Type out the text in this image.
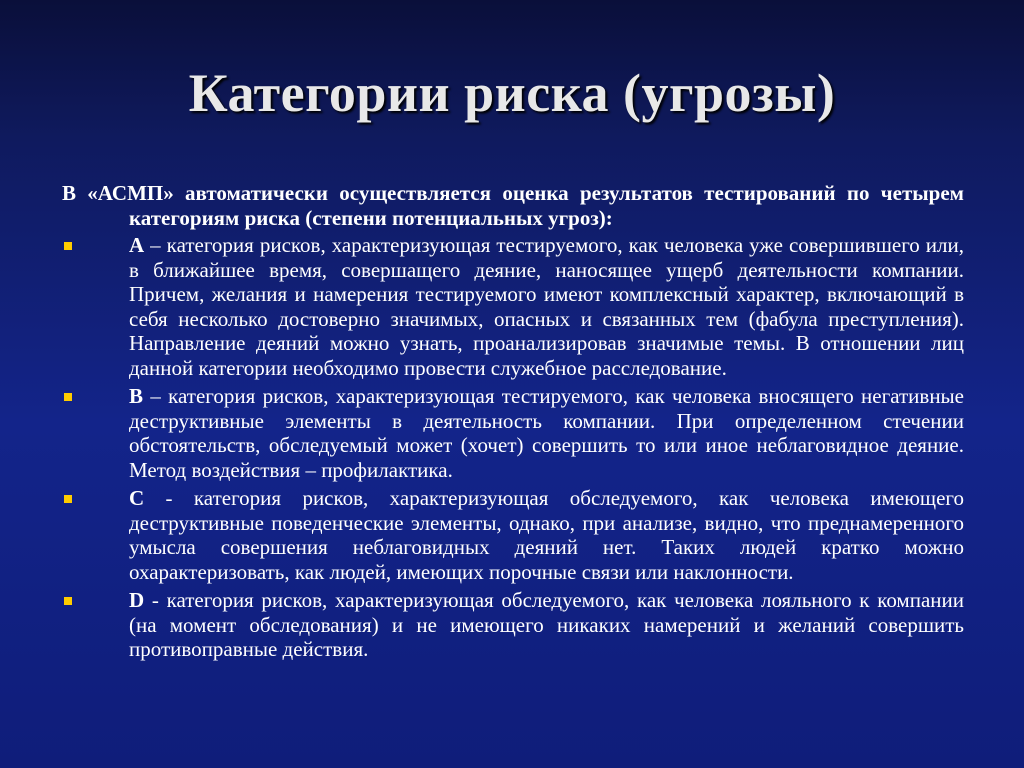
Категории риска (угрозы)
В «АСМП» автоматически осуществляется оценка результатов тестирований по четырем категориям риска (степени потенциальных угроз):
А – категория рисков, характеризующая тестируемого, как человека уже совершившего или, в ближайшее время, совершащего деяние, наносящее ущерб деятельности компании. Причем, желания и намерения тестируемого имеют комплексный характер, включающий в себя несколько достоверно значимых, опасных и связанных тем (фабула преступления). Направление деяний можно узнать, проанализировав значимые темы. В отношении лиц данной категории необходимо провести служебное расследование.
В – категория рисков, характеризующая тестируемого, как человека вносящего негативные деструктивные элементы в деятельность компании. При определенном стечении обстоятельств, обследуемый может (хочет) совершить то или иное неблаговидное деяние. Метод воздействия – профилактика.
С - категория рисков, характеризующая обследуемого, как человека имеющего деструктивные поведенческие элементы, однако, при анализе, видно, что преднамеренного умысла совершения неблаговидных деяний нет. Таких людей кратко можно охарактеризовать, как людей, имеющих порочные связи или наклонности.
D - категория рисков, характеризующая обследуемого, как человека лояльного к компании (на момент обследования) и не имеющего никаких намерений и желаний совершить противоправные действия.
